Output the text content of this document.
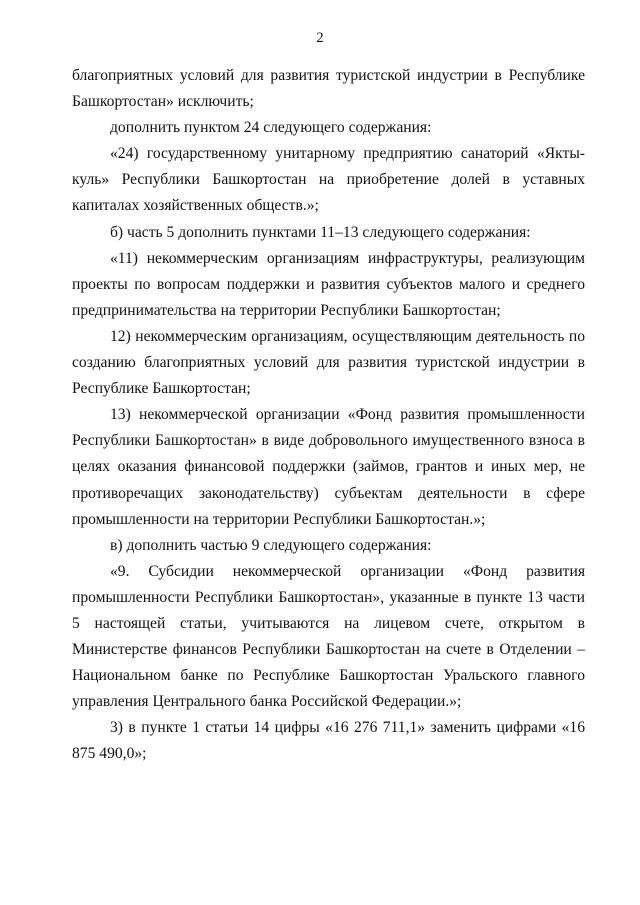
2

благоприятных условий для развития туристской индустрии в Республике Башкортостан» исключить;

дополнить пунктом 24 следующего содержания:

«24) государственному унитарному предприятию санаторий «Якты-куль» Республики Башкортостан на приобретение долей в уставных капиталах хозяйственных обществ.»;

б) часть 5 дополнить пунктами 11–13 следующего содержания:

«11) некоммерческим организациям инфраструктуры, реализующим проекты по вопросам поддержки и развития субъектов малого и среднего предпринимательства на территории Республики Башкортостан;

12) некоммерческим организациям, осуществляющим деятельность по созданию благоприятных условий для развития туристской индустрии в Республике Башкортостан;

13) некоммерческой организации «Фонд развития промышленности Республики Башкортостан» в виде добровольного имущественного взноса в целях оказания финансовой поддержки (займов, грантов и иных мер, не противоречащих законодательству) субъектам деятельности в сфере промышленности на территории Республики Башкортостан.»;

в) дополнить частью 9 следующего содержания:

«9. Субсидии некоммерческой организации «Фонд развития промышленности Республики Башкортостан», указанные в пункте 13 части 5 настоящей статьи, учитываются на лицевом счете, открытом в Министерстве финансов Республики Башкортостан на счете в Отделении – Национальном банке по Республике Башкортостан Уральского главного управления Центрального банка Российской Федерации.»;

3) в пункте 1 статьи 14 цифры «16 276 711,1» заменить цифрами «16 875 490,0»;
